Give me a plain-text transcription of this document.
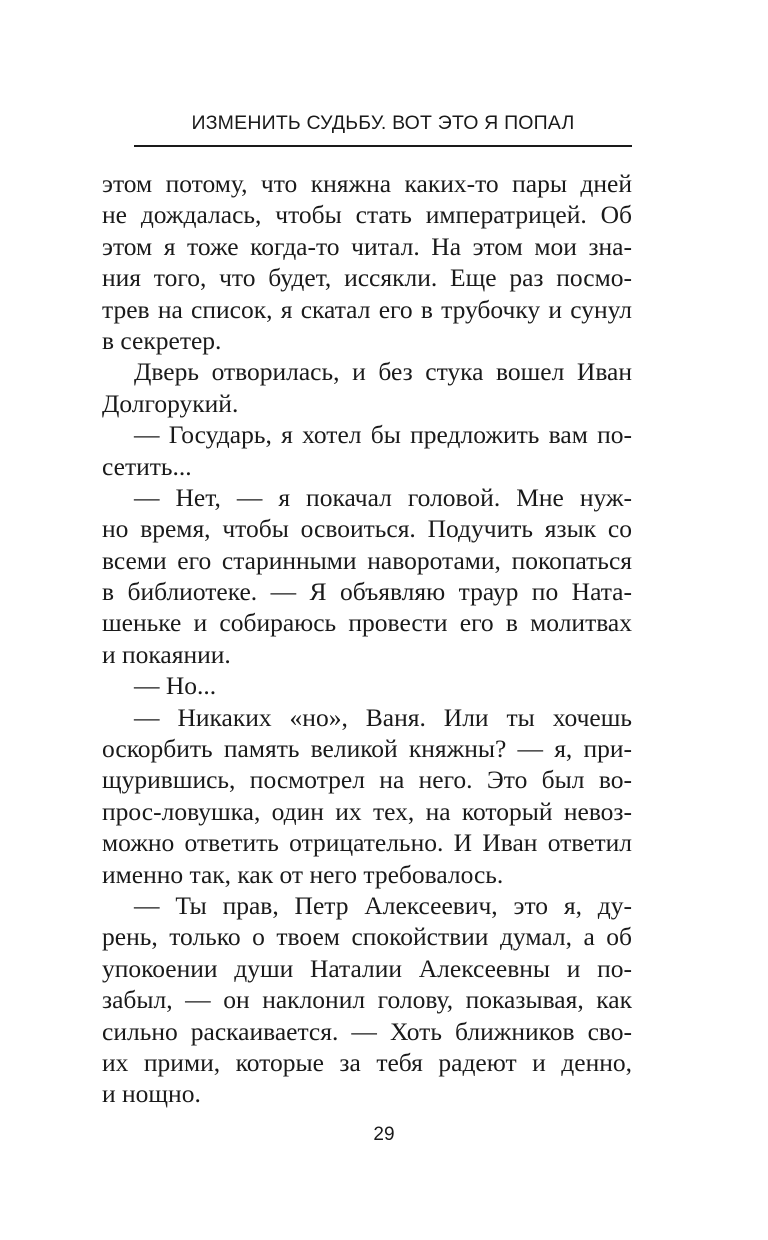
ИЗМЕНИТЬ СУДЬБУ. ВОТ ЭТО Я ПОПАЛ
этом потому, что княжна каких-то пары дней
не дождалась, чтобы стать императрицей. Об
этом я тоже когда-то читал. На этом мои зна-
ния того, что будет, иссякли. Еще раз посмо-
трев на список, я скатал его в трубочку и сунул
в секретер.
Дверь отворилась, и без стука вошел Иван
Долгорукий.
— Государь, я хотел бы предложить вам по-
сетить...
— Нет, — я покачал головой. Мне нуж-
но время, чтобы освоиться. Подучить язык со
всеми его старинными наворотами, покопаться
в библиотеке. — Я объявляю траур по Ната-
шеньке и собираюсь провести его в молитвах
и покаянии.
— Но...
— Никаких «но», Ваня. Или ты хочешь
оскорбить память великой княжны? — я, при-
щурившись, посмотрел на него. Это был во-
прос-ловушка, один их тех, на который невоз-
можно ответить отрицательно. И Иван ответил
именно так, как от него требовалось.
— Ты прав, Петр Алексеевич, это я, ду-
рень, только о твоем спокойствии думал, а об
упокоении души Наталии Алексеевны и по-
забыл, — он наклонил голову, показывая, как
сильно раскаивается. — Хоть ближников сво-
их прими, которые за тебя радеют и денно,
и нощно.
29
